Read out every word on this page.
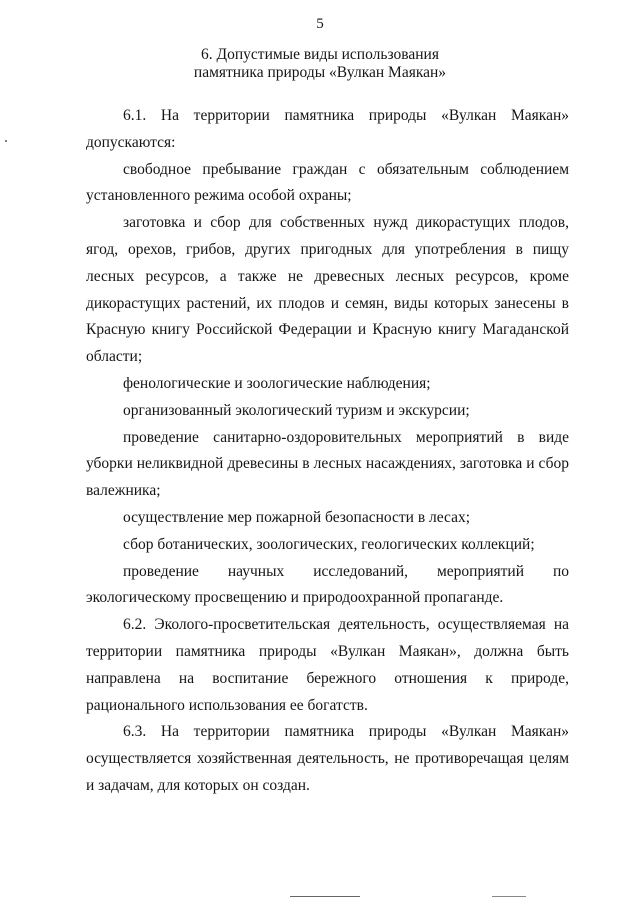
5
6. Допустимые виды использования
памятника природы «Вулкан Маякан»

6.1. На территории памятника природы «Вулкан Маякан» допускаются:

свободное пребывание граждан с обязательным соблюдением установленного режима особой охраны;

заготовка и сбор для собственных нужд дикорастущих плодов, ягод, орехов, грибов, других пригодных для употребления в пищу лесных ресурсов, а также не древесных лесных ресурсов, кроме дикорастущих растений, их плодов и семян, виды которых занесены в Красную книгу Российской Федерации и Красную книгу Магаданской области;

фенологические и зоологические наблюдения;

организованный экологический туризм и экскурсии;

проведение санитарно-оздоровительных мероприятий в виде уборки неликвидной древесины в лесных насаждениях, заготовка и сбор валежника;

осуществление мер пожарной безопасности в лесах;

сбор ботанических, зоологических, геологических коллекций;

проведение научных исследований, мероприятий по экологическому просвещению и природоохранной пропаганде.

6.2. Эколого-просветительская деятельность, осуществляемая на территории памятника природы «Вулкан Маякан», должна быть направлена на воспитание бережного отношения к природе, рационального использования ее богатств.

6.3. На территории памятника природы «Вулкан Маякан» осуществляется хозяйственная деятельность, не противоречащая целям и задачам, для которых он создан.
